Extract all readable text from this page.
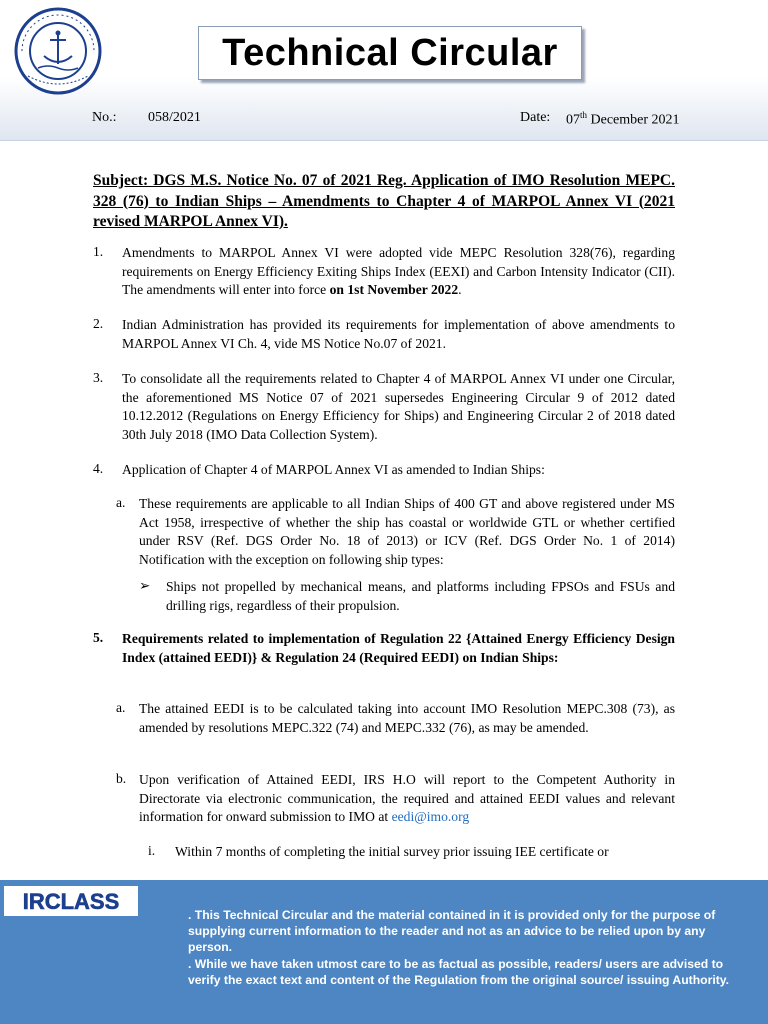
Technical Circular
No.: 058/2021	Date: 07th December 2021
Subject: DGS M.S. Notice No. 07 of 2021 Reg. Application of IMO Resolution MEPC. 328 (76) to Indian Ships – Amendments to Chapter 4 of MARPOL Annex VI (2021 revised MARPOL Annex VI).
1. Amendments to MARPOL Annex VI were adopted vide MEPC Resolution 328(76), regarding requirements on Energy Efficiency Exiting Ships Index (EEXI) and Carbon Intensity Indicator (CII). The amendments will enter into force on 1st November 2022.
2. Indian Administration has provided its requirements for implementation of above amendments to MARPOL Annex VI Ch. 4, vide MS Notice No.07 of 2021.
3. To consolidate all the requirements related to Chapter 4 of MARPOL Annex VI under one Circular, the aforementioned MS Notice 07 of 2021 supersedes Engineering Circular 9 of 2012 dated 10.12.2012 (Regulations on Energy Efficiency for Ships) and Engineering Circular 2 of 2018 dated 30th July 2018 (IMO Data Collection System).
4. Application of Chapter 4 of MARPOL Annex VI as amended to Indian Ships:
a. These requirements are applicable to all Indian Ships of 400 GT and above registered under MS Act 1958, irrespective of whether the ship has coastal or worldwide GTL or whether certified under RSV (Ref. DGS Order No. 18 of 2013) or ICV (Ref. DGS Order No. 1 of 2014) Notification with the exception on following ship types:
➢ Ships not propelled by mechanical means, and platforms including FPSOs and FSUs and drilling rigs, regardless of their propulsion.
5. Requirements related to implementation of Regulation 22 {Attained Energy Efficiency Design Index (attained EEDI)} & Regulation 24 (Required EEDI) on Indian Ships:
a. The attained EEDI is to be calculated taking into account IMO Resolution MEPC.308 (73), as amended by resolutions MEPC.322 (74) and MEPC.332 (76), as may be amended.
b. Upon verification of Attained EEDI, IRS H.O will report to the Competent Authority in Directorate via electronic communication, the required and attained EEDI values and relevant information for onward submission to IMO at eedi@imo.org
i. Within 7 months of completing the initial survey prior issuing IEE certificate or
IRCLASS
. This Technical Circular and the material contained in it is provided only for the purpose of supplying current information to the reader and not as an advice to be relied upon by any person.
. While we have taken utmost care to be as factual as possible, readers/ users are advised to verify the exact text and content of the Regulation from the original source/ issuing Authority.
